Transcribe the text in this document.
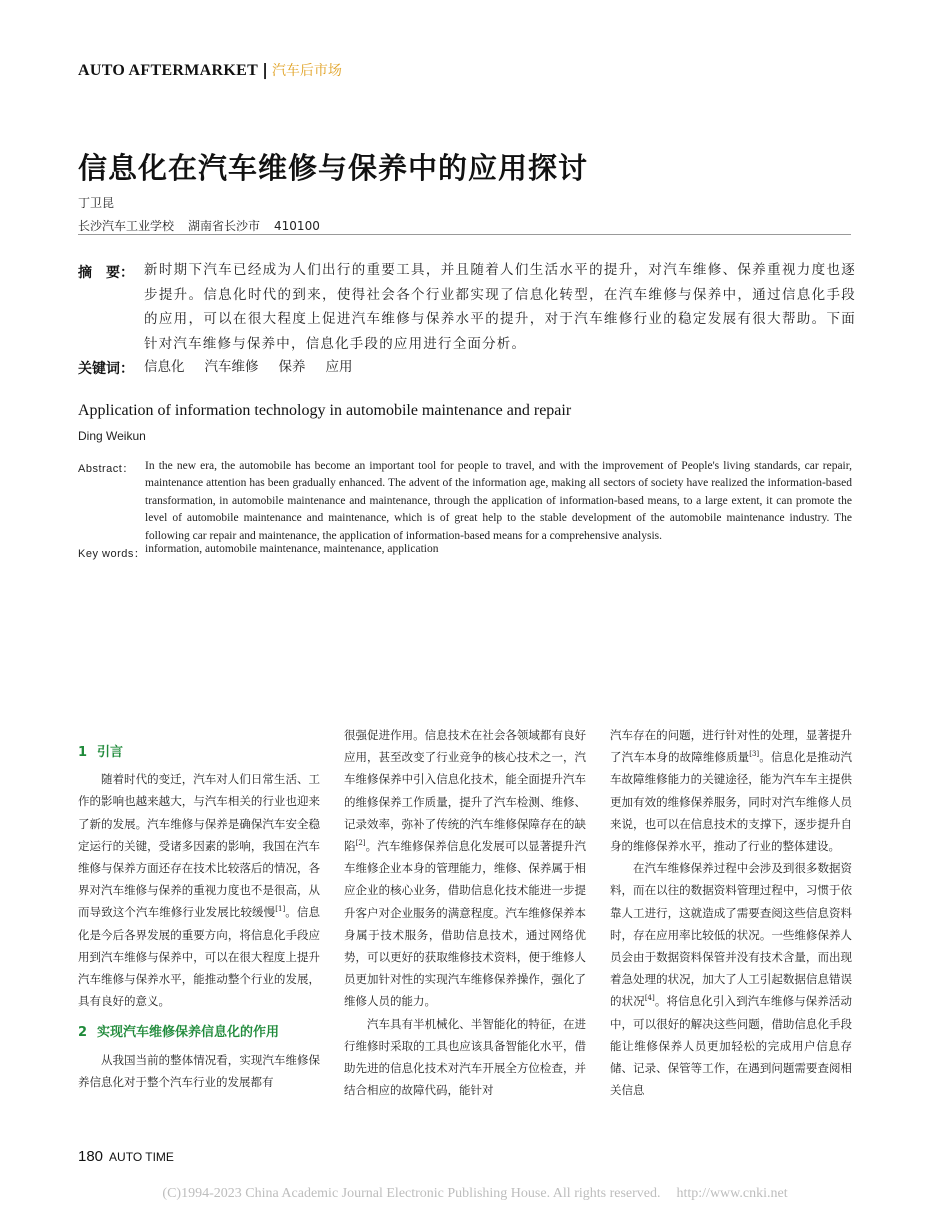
AUTO AFTERMARKET | 汽车后市场
信息化在汽车维修与保养中的应用探讨
丁卫昆
长沙汽车工业学校 湖南省长沙市 410100
摘　要： 新时期下汽车已经成为人们出行的重要工具，并且随着人们生活水平的提升，对汽车维修、保养重视力度也逐步提升。信息化时代的到来，使得社会各个行业都实现了信息化转型，在汽车维修与保养中，通过信息化手段的应用，可以在很大程度上促进汽车维修与保养水平的提升，对于汽车维修行业的稳定发展有很大帮助。下面针对汽车维修与保养中，信息化手段的应用进行全面分析。
关键词： 信息化 汽车维修 保养 应用
Application of information technology in automobile maintenance and repair
Ding Weikun
Abstract： In the new era, the automobile has become an important tool for people to travel, and with the improvement of People's living standards, car repair, maintenance attention has been gradually enhanced. The advent of the information age, making all sectors of society have realized the information-based transformation, in automobile maintenance and maintenance, through the application of information-based means, to a large extent, it can promote the level of automobile maintenance and maintenance, which is of great help to the stable development of the automobile maintenance industry. The following car repair and maintenance, the application of information-based means for a comprehensive analysis.
Key words： information, automobile maintenance, maintenance, application
1 引言

随着时代的变迁，汽车对人们日常生活、工作的影响也越来越大，与汽车相关的行业也迎来了新的发展。汽车维修与保养是确保汽车安全稳定运行的关键，受诸多因素的影响，我国在汽车维修与保养方面还存在技术比较落后的情况，各界对汽车维修与保养的重视力度也不是很高，从而导致这个汽车维修行业发展比较缓慢[1]。信息化是今后各界发展的重要方向，将信息化手段应用到汽车维修与保养中，可以在很大程度上提升汽车维修与保养水平，能推动整个行业的发展，具有良好的意义。

2 实现汽车维修保养信息化的作用

从我国当前的整体情况看，实现汽车维修保养信息化对于整个汽车行业的发展都有

很强促进作用。信息技术在社会各领域都有良好应用，甚至改变了行业竞争的核心技术之一，汽车维修保养中引入信息化技术，能全面提升汽车的维修保养工作质量，提升了汽车检测、维修、记录效率，弥补了传统的汽车维修保障存在的缺陷[2]。汽车维修保养信息化发展可以显著提升汽车维修企业本身的管理能力，维修、保养属于相应企业的核心业务，借助信息化技术能进一步提升客户对企业服务的满意程度。汽车维修保养本身属于技术服务，借助信息技术，通过网络优势，可以更好的获取维修技术资料，便于维修人员更加针对性的实现汽车维修保养操作，强化了维修人员的能力。

汽车具有半机械化、半智能化的特征，在进行维修时采取的工具也应该具备智能化水平，借助先进的信息化技术对汽车开展全方位检查，并结合相应的故障代码，能针对

汽车存在的问题，进行针对性的处理，显著提升了汽车本身的故障维修质量[3]。信息化是推动汽车故障维修能力的关键途径，能为汽车车主提供更加有效的维修保养服务，同时对汽车维修人员来说，也可以在信息技术的支撑下，逐步提升自身的维修保养水平，推动了行业的整体建设。

在汽车维修保养过程中会涉及到很多数据资料，而在以往的数据资料管理过程中，习惯于依靠人工进行，这就造成了需要查阅这些信息资料时，存在应用率比较低的状况。一些维修保养人员会由于数据资料保管并没有技术含量，而出现着急处理的状况，加大了人工引起数据信息错误的状况[4]。将信息化引入到汽车维修与保养活动中，可以很好的解决这些问题，借助信息化手段能让维修保养人员更加轻松的完成用户信息存储、记录、保管等工作，在遇到问题需要查阅相关信息

180 AUTO TIME
(C)1994-2023 China Academic Journal Electronic Publishing House. All rights reserved. http://www.cnki.net
